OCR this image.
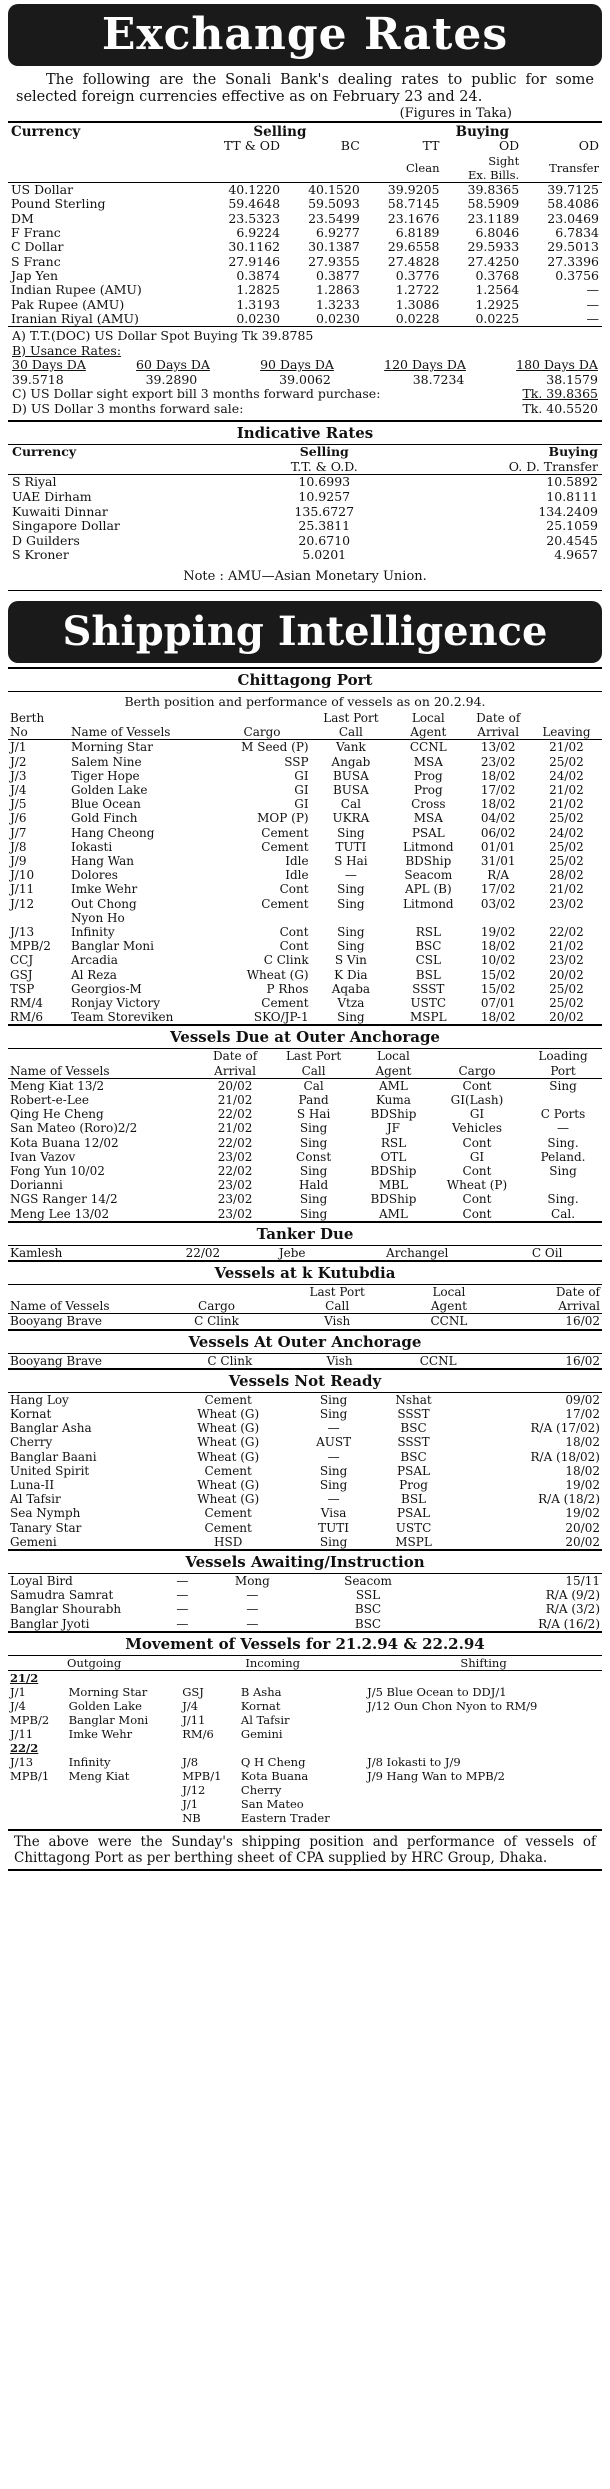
Exchange Rates
The following are the Sonali Bank's dealing rates to public for some selected foreign currencies effective as on February 23 and 24.
(Figures in Taka)
Currency	Selling		Buying		
	TT & OD	BC	TT	OD	OD
			Clean	Sight
Ex. Bills.	Transfer
US Dollar	40.1220	40.1520	39.9205	39.8365	39.7125
Pound Sterling	59.4648	59.5093	58.7145	58.5909	58.4086
DM	23.5323	23.5499	23.1676	23.1189	23.0469
F Franc	6.9224	6.9277	6.8189	6.8046	6.7834
C Dollar	30.1162	30.1387	29.6558	29.5933	29.5013
S Franc	27.9146	27.9355	27.4828	27.4250	27.3396
Jap Yen	0.3874	0.3877	0.3776	0.3768	0.3756
Indian Rupee (AMU)	1.2825	1.2863	1.2722	1.2564	—
Pak Rupee (AMU)	1.3193	1.3233	1.3086	1.2925	—
Iranian Riyal (AMU)	0.0230	0.0230	0.0228	0.0225	—
A) T.T.(DOC) US Dollar Spot Buying Tk 39.8785
B) Usance Rates:
30 Days DA	60 Days DA	90 Days DA	120 Days DA	180 Days DA
39.5718	39.2890	39.0062	38.7234	38.1579
C) US Dollar sight export bill 3 months forward purchase:	Tk. 39.8365
D) US Dollar 3 months forward sale:	Tk. 40.5520
Indicative Rates
Currency	Selling	Buying
	T.T. & O.D.	O. D. Transfer
S Riyal	10.6993	10.5892
UAE Dirham	10.9257	10.8111
Kuwaiti Dinnar	135.6727	134.2409
Singapore Dollar	25.3811	25.1059
D Guilders	20.6710	20.4545
S Kroner	5.0201	4.9657
Note : AMU—Asian Monetary Union.
Shipping Intelligence
Chittagong Port
Berth position and performance of vessels as on 20.2.94.
Berth
No	Name of Vessels	Cargo	Last Port
Call	Local
Agent	Date of
Arrival	Leaving

J/1	Morning Star	M Seed (P)	Vank	CCNL	13/02	21/02
J/2	Salem Nine	SSP	Angab	MSA	23/02	25/02
J/3	Tiger Hope	GI	BUSA	Prog	18/02	24/02
J/4	Golden Lake	GI	BUSA	Prog	17/02	21/02
J/5	Blue Ocean	GI	Cal	Cross	18/02	21/02
J/6	Gold Finch	MOP (P)	UKRA	MSA	04/02	25/02
J/7	Hang Cheong	Cement	Sing	PSAL	06/02	24/02
J/8	Iokasti	Cement	TUTI	Litmond	01/01	25/02
J/9	Hang Wan	Idle	S Hai	BDShip	31/01	25/02
J/10	Dolores	Idle	—	Seacom	R/A	28/02
J/11	Imke Wehr	Cont	Sing	APL (B)	17/02	21/02
J/12	Out Chong	Cement	Sing	Litmond	03/02	23/02
	Nyon Ho					
J/13	Infinity	Cont	Sing	RSL	19/02	22/02
MPB/2	Banglar Moni	Cont	Sing	BSC	18/02	21/02
CCJ	Arcadia	C Clink	S Vin	CSL	10/02	23/02
GSJ	Al Reza	Wheat (G)	K Dia	BSL	15/02	20/02
TSP	Georgios-M	P Rhos	Aqaba	SSST	15/02	25/02
RM/4	Ronjay Victory	Cement	Vtza	USTC	07/01	25/02
RM/6	Team Storeviken	SKO/JP-1	Sing	MSPL	18/02	20/02
Vessels Due at Outer Anchorage
Name of Vessels	Date of
Arrival	Last Port
Call	Local
Agent	Cargo	Loading
Port
Meng Kiat 13/2	20/02	Cal	AML	Cont	Sing
Robert-e-Lee	21/02	Pand	Kuma	GI(Lash)	
Qing He Cheng	22/02	S Hai	BDShip	GI	C Ports
San Mateo (Roro)2/2	21/02	Sing	JF	Vehicles	—
Kota Buana 12/02	22/02	Sing	RSL	Cont	Sing.
Ivan Vazov	23/02	Const	OTL	GI	Peland.
Fong Yun 10/02	22/02	Sing	BDShip	Cont	Sing
Dorianni	23/02	Hald	MBL	Wheat (P)	
NGS Ranger 14/2	23/02	Sing	BDShip	Cont	Sing.
Meng Lee 13/02	23/02	Sing	AML	Cont	Cal.
Tanker Due
Kamlesh	22/02	Jebe	Archangel	C Oil	
Vessels at k Kutubdia
Name of Vessels	Cargo	Last Port
Call	Local
Agent	Date of
Arrival
Booyang Brave	C Clink	Vish	CCNL	16/02
Vessels At Outer Anchorage
Booyang Brave	C Clink	Vish	CCNL	16/02
Vessels Not Ready
Hang Loy	Cement	Sing	Nshat	09/02
Kornat	Wheat (G)	Sing	SSST	17/02
Banglar Asha	Wheat (G)	—	BSC	R/A (17/02)
Cherry	Wheat (G)	AUST	SSST	18/02
Banglar Baani	Wheat (G)	—	BSC	R/A (18/02)
United Spirit	Cement	Sing	PSAL	18/02
Luna-II	Wheat (G)	Sing	Prog	19/02
Al Tafsir	Wheat (G)	—	BSL	R/A (18/2)
Sea Nymph	Cement	Visa	PSAL	19/02
Tanary Star	Cement	TUTI	USTC	20/02
Gemeni	HSD	Sing	MSPL	20/02
Vessels Awaiting/Instruction
Loyal Bird	—	Mong	Seacom	15/11
Samudra Samrat	—	—	SSL	R/A (9/2)
Banglar Shourabh	—	—	BSC	R/A (3/2)
Banglar Jyoti	—	—	BSC	R/A (16/2)
Movement of Vessels for 21.2.94 & 22.2.94
Outgoing		Incoming		Shifting
21/2				
J/1	Morning Star	GSJ	B Asha	J/5 Blue Ocean to DDJ/1
J/4	Golden Lake	J/4	Kornat	J/12 Oun Chon Nyon to RM/9
MPB/2	Banglar Moni	J/11	Al Tafsir	
J/11	Imke Wehr	RM/6	Gemini	
22/2				
J/13	Infinity	J/8	Q H Cheng	J/8 Iokasti to J/9
MPB/1	Meng Kiat	MPB/1	Kota Buana	J/9 Hang Wan to MPB/2
		J/12	Cherry	
		J/1	San Mateo	
		NB	Eastern Trader	
The above were the Sunday's shipping position and performance of vessels of Chittagong Port as per berthing sheet of CPA supplied by HRC Group, Dhaka.
